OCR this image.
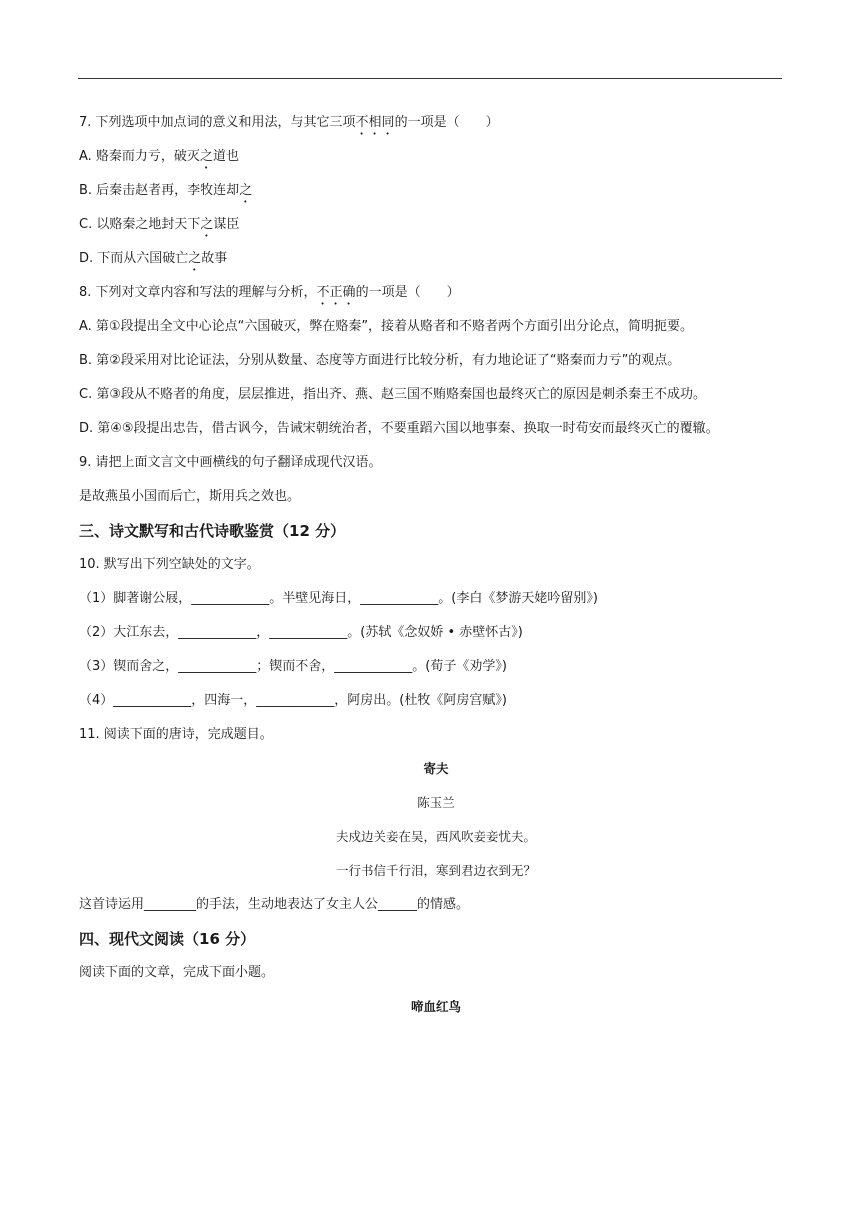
7. 下列选项中加点词的意义和用法，与其它三项不相同的一项是（　　）
A. 赂秦而力亏，破灭之道也
B. 后秦击赵者再，李牧连却之
C. 以赂秦之地封天下之谋臣
D. 下而从六国破亡之故事
8. 下列对文章内容和写法的理解与分析，不正确的一项是（　　）
A. 第①段提出全文中心论点“六国破灭，弊在赂秦”，接着从赂者和不赂者两个方面引出分论点，简明扼要。
B. 第②段采用对比论证法，分别从数量、态度等方面进行比较分析，有力地论证了“赂秦而力亏”的观点。
C. 第③段从不赂者的角度，层层推进，指出齐、燕、赵三国不贿赂秦国也最终灭亡的原因是刺杀秦王不成功。
D. 第④⑤段提出忠告，借古讽今，告诫宋朝统治者，不要重蹈六国以地事秦、换取一时苟安而最终灭亡的覆辙。
9. 请把上面文言文中画横线的句子翻译成现代汉语。
是故燕虽小国而后亡，斯用兵之效也。
三、诗文默写和古代诗歌鉴赏（12 分）
10. 默写出下列空缺处的文字。
（1）脚著谢公屐，____________。半壁见海日，____________。(李白《梦游天姥吟留别》)
（2）大江东去，____________，____________。(苏轼《念奴娇 • 赤壁怀古》)
（3）锲而舍之，____________；锲而不舍，____________。(荀子《劝学》)
（4）____________，四海一，____________，阿房出。(杜牧《阿房宫赋》)
11. 阅读下面的唐诗，完成题目。
寄夫
陈玉兰
夫戍边关妾在吴，西风吹妾妾忧夫。
一行书信千行泪，寒到君边衣到无？
这首诗运用________的手法，生动地表达了女主人公______的情感。
四、现代文阅读（16 分）
阅读下面的文章，完成下面小题。
啼血红鸟
